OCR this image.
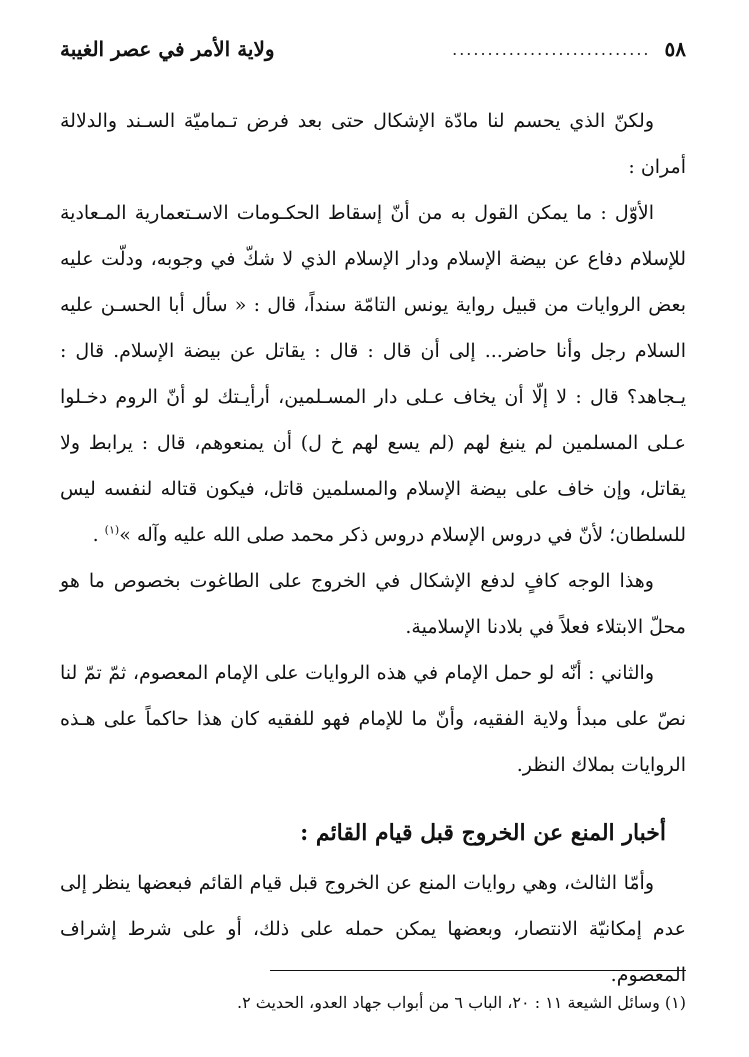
٥٨
............................
ولاية الأمر في عصر الغيبة

ولكنّ الذي يحسم لنا مادّة الإشكال حتى بعد فرض تـماميّة السـند والدلالة أمران :

الأوّل : ما يمكن القول به من أنّ إسقاط الحكـومات الاسـتعمارية المـعادية للإسلام دفاع عن بيضة الإسلام ودار الإسلام الذي لا شكّ في وجوبه، ودلّت عليه بعض الروايات من قبيل رواية يونس التامّة سنداً، قال : « سأل أبا الحسـن عليه السلام رجل وأنا حاضر... إلى أن قال : قال : يقاتل عن بيضة الإسلام. قال : يـجاهد؟ قال : لا إلّا أن يخاف عـلى دار المسـلمين، أرأيـتك لو أنّ الروم دخـلوا عـلى المسلمين لم ينبغ لهم (لم يسع لهم خ ل) أن يمنعوهم، قال : يرابط ولا يقاتل، وإن خاف على بيضة الإسلام والمسلمين قاتل، فيكون قتاله لنفسه ليس للسلطان؛ لأنّ في دروس الإسلام دروس ذكر محمد صلى الله عليه وآله »$^{(١)}$ .

وهذا الوجه كافٍ لدفع الإشكال في الخروج على الطاغوت بخصوص ما هو محلّ الابتلاء فعلاً في بلادنا الإسلامية.

والثاني : أنّه لو حمل الإمام في هذه الروايات على الإمام المعصوم، ثمّ تمّ لنا نصّ على مبدأ ولاية الفقيه، وأنّ ما للإمام فهو للفقيه كان هذا حاكماً على هـذه الروايات بملاك النظر.

أخبار المنع عن الخروج قبل قيام القائم :

وأمّا الثالث، وهي روايات المنع عن الخروج قبل قيام القائم فبعضها ينظر إلى عدم إمكانيّة الانتصار، وبعضها يمكن حمله على ذلك، أو على شرط إشراف المعصوم.

(١) وسائل الشيعة ١١ : ٢٠، الباب ٦ من أبواب جهاد العدو، الحديث ٢.
